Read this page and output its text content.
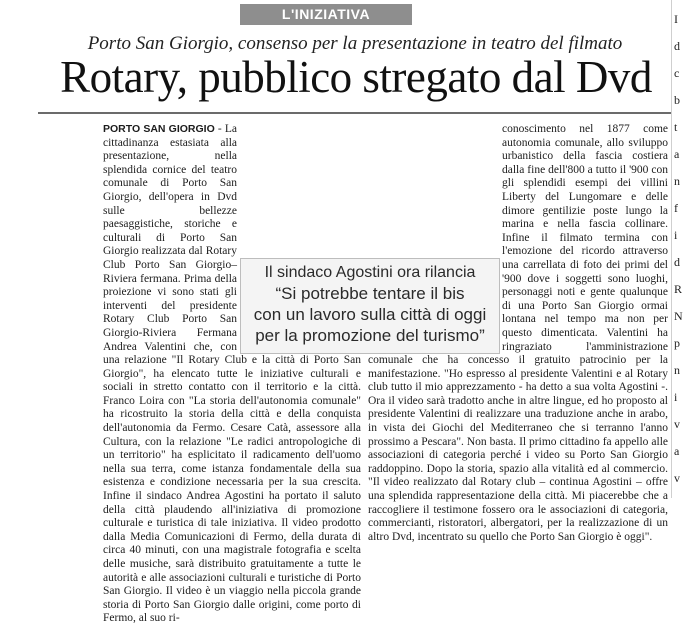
L'INIZIATIVA
Porto San Giorgio, consenso per la presentazione in teatro del filmato
Rotary, pubblico stregato dal Dvd

PORTO SAN GIORGIO - La cittadinanza estasiata alla presentazione, nella splendida cornice del teatro comunale di Porto San Giorgio, dell'opera in Dvd sulle bellezze paesaggistiche, storiche e culturali di Porto San Giorgio realizzata dal Rotary Club Porto San Giorgio–Riviera fermana. Prima della proiezione vi sono stati gli interventi del presidente Rotary Club Porto San Giorgio-Riviera Fermana Andrea Valentini che, con una relazione "Il Rotary Club e la città di Porto San Giorgio", ha elencato tutte le iniziative culturali e sociali in stretto contatto con il territorio e la città. Franco Loira con "La storia dell'autonomia comunale" ha ricostruito la storia della città e della conquista dell'autonomia da Fermo. Cesare Catà, assessore alla Cultura, con la relazione "Le radici antropologiche di un territorio" ha esplicitato il radicamento dell'uomo nella sua terra, come istanza fondamentale della sua esistenza e condizione necessaria per la sua crescita. Infine il sindaco Andrea Agostini ha portato il saluto della città plaudendo all'iniziativa di promozione culturale e turistica di tale iniziativa. Il video prodotto dalla Media Comunicazioni di Fermo, della durata di circa 40 minuti, con una magistrale fotografia e scelta delle musiche, sarà distribuito gratuitamente a tutte le autorità e alle associazioni culturali e turistiche di Porto San Giorgio. Il video è un viaggio nella piccola grande storia di Porto San Giorgio dalle origini, come porto di Fermo, al suo ri-

conoscimento nel 1877 come autonomia comunale, allo sviluppo urbanistico della fascia costiera dalla fine dell'800 a tutto il '900 con gli splendidi esempi dei villini Liberty del Lungomare e delle dimore gentilizie poste lungo la marina e nella fascia collinare. Infine il filmato termina con l'emozione del ricordo attraverso una carrellata di foto dei primi del '900 dove i soggetti sono luoghi, personaggi noti e gente qualunque di una Porto San Giorgio ormai lontana nel tempo ma non per questo dimenticata. Valentini ha ringraziato l'amministrazione comunale che ha concesso il gratuito patrocinio per la manifestazione. "Ho espresso al presidente Valentini e al Rotary club tutto il mio apprezzamento - ha detto a sua volta Agostini -. Ora il video sarà tradotto anche in altre lingue, ed ho proposto al presidente Valentini di realizzare una traduzione anche in arabo, in vista dei Giochi del Mediterraneo che si terranno l'anno prossimo a Pescara". Non basta. Il primo cittadino fa appello alle associazioni di categoria perché i video su Porto San Giorgio raddoppino. Dopo la storia, spazio alla vitalità ed al commercio. "Il video realizzato dal Rotary club – continua Agostini – offre una splendida rappresentazione della città. Mi piacerebbe che a raccogliere il testimone fossero ora le associazioni di categoria, commercianti, ristoratori, albergatori, per la realizzazione di un altro Dvd, incentrato su quello che Porto San Giorgio è oggi".

Il sindaco Agostini ora rilancia
“Si potrebbe tentare il bis
con un lavoro sulla città di oggi
per la promozione del turismo”
I
d
c
b
t
a
n
f
i
d
R
N
p
n
i
v
a
v
